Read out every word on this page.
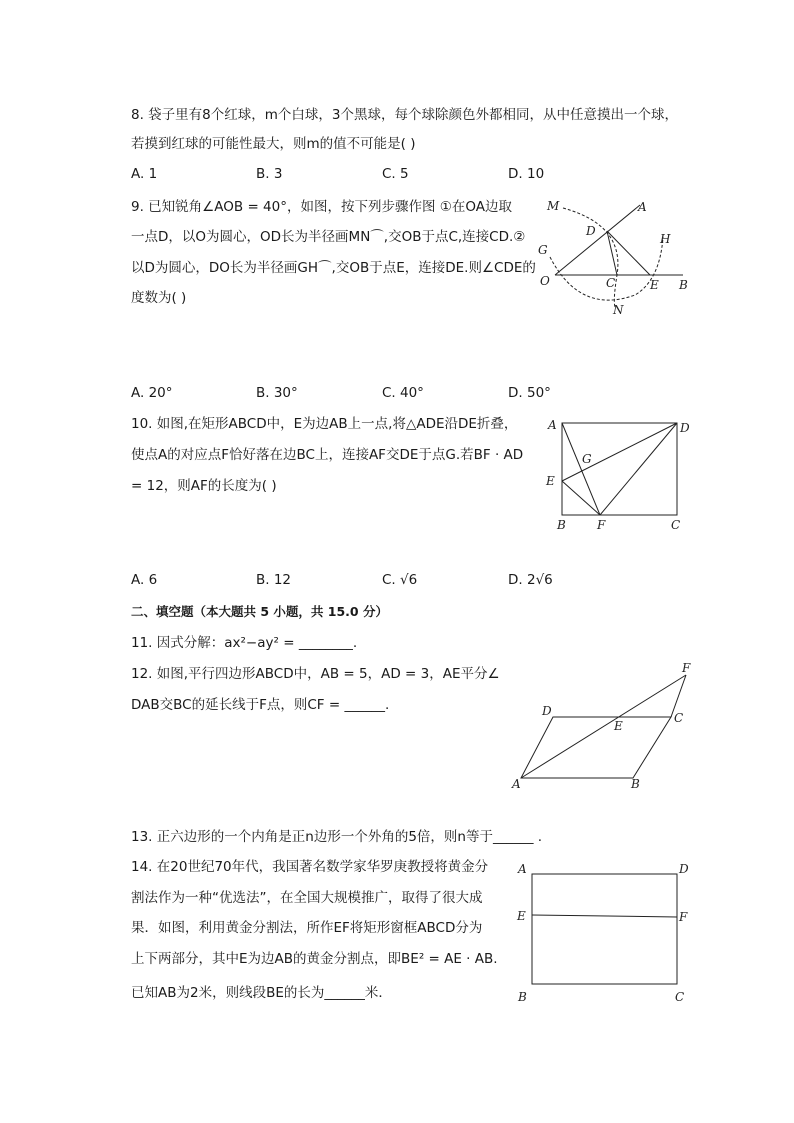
8. 袋子里有8个红球，m个白球，3个黑球，每个球除颜色外都相同，从中任意摸出一个球，
若摸到红球的可能性最大，则m的值不可能是( )
A. 1	B. 3	C. 5	D. 10
9. 已知锐角∠AOB = 40°，如图，按下列步骤作图 ①在OA边取
一点D，以O为圆心，OD长为半径画MN⌒,交OB于点C,连接CD.②
以D为圆心，DO长为半径画GH⌒,交OB于点E，连接DE.则∠CDE的
度数为( )
M	A
D
H
G
O	C	E B
N
A. 20°	B. 30°	C. 40°	D. 50°
10. 如图,在矩形ABCD中，E为边AB上一点,将△ADE沿DE折叠，
使点A的对应点F恰好落在边BC上，连接AF交DE于点G.若BF · AD
= 12，则AF的长度为( )
A	D
G
E
B	F	C
A. 6	B. 12	C. √6	D. 2√6
二、填空题（本大题共 5 小题，共 15.0 分）
11. 因式分解：ax²−ay² = ________.
12. 如图,平行四边形ABCD中，AB = 5，AD = 3，AE平分∠
DAB交BC的延长线于F点，则CF = ______.
F
D	C
E
A	B
13. 正六边形的一个内角是正n边形一个外角的5倍，则n等于______ .
14. 在20世纪70年代，我国著名数学家华罗庚教授将黄金分
割法作为一种“优选法”，在全国大规模推广，取得了很大成
果．如图，利用黄金分割法，所作EF将矩形窗框ABCD分为
上下两部分，其中E为边AB的黄金分割点，即BE² = AE · AB.
已知AB为2米，则线段BE的长为______米．
A	D
E	F
B	C
